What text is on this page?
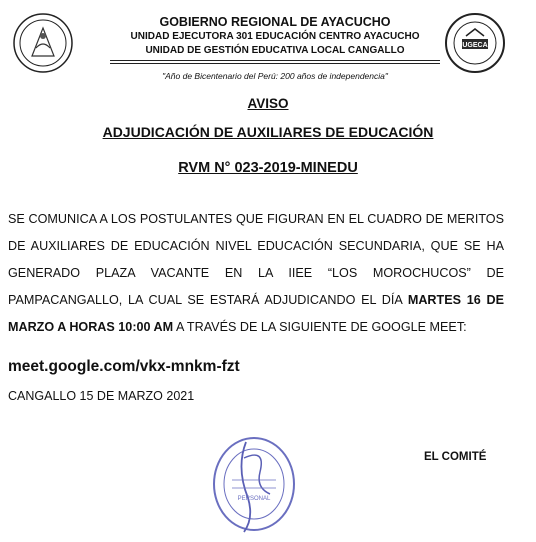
GOBIERNO REGIONAL DE AYACUCHO
UNIDAD EJECUTORA 301 EDUCACIÓN CENTRO AYACUCHO
UNIDAD DE GESTIÓN EDUCATIVA LOCAL CANGALLO
"Año de Bicentenario del Perú: 200 años de independencia"
UGECA
AVISO
ADJUDICACIÓN DE AUXILIARES DE EDUCACIÓN
RVM N° 023-2019-MINEDU
SE COMUNICA A LOS POSTULANTES QUE FIGURAN EN EL CUADRO DE MERITOS DE AUXILIARES DE EDUCACIÓN NIVEL EDUCACIÓN SECUNDARIA, QUE SE HA GENERADO PLAZA VACANTE EN LA IIEE “LOS MOROCHUCOS” DE PAMPACANGALLO, LA CUAL SE ESTARÁ ADJUDICANDO EL DÍA MARTES 16 DE MARZO A HORAS 10:00 AM A TRAVÉS DE LA SIGUIENTE DE GOOGLE MEET:
meet.google.com/vkx-mnkm-fzt
CANGALLO 15 DE MARZO 2021
PERSONAL
EL COMITÉ
